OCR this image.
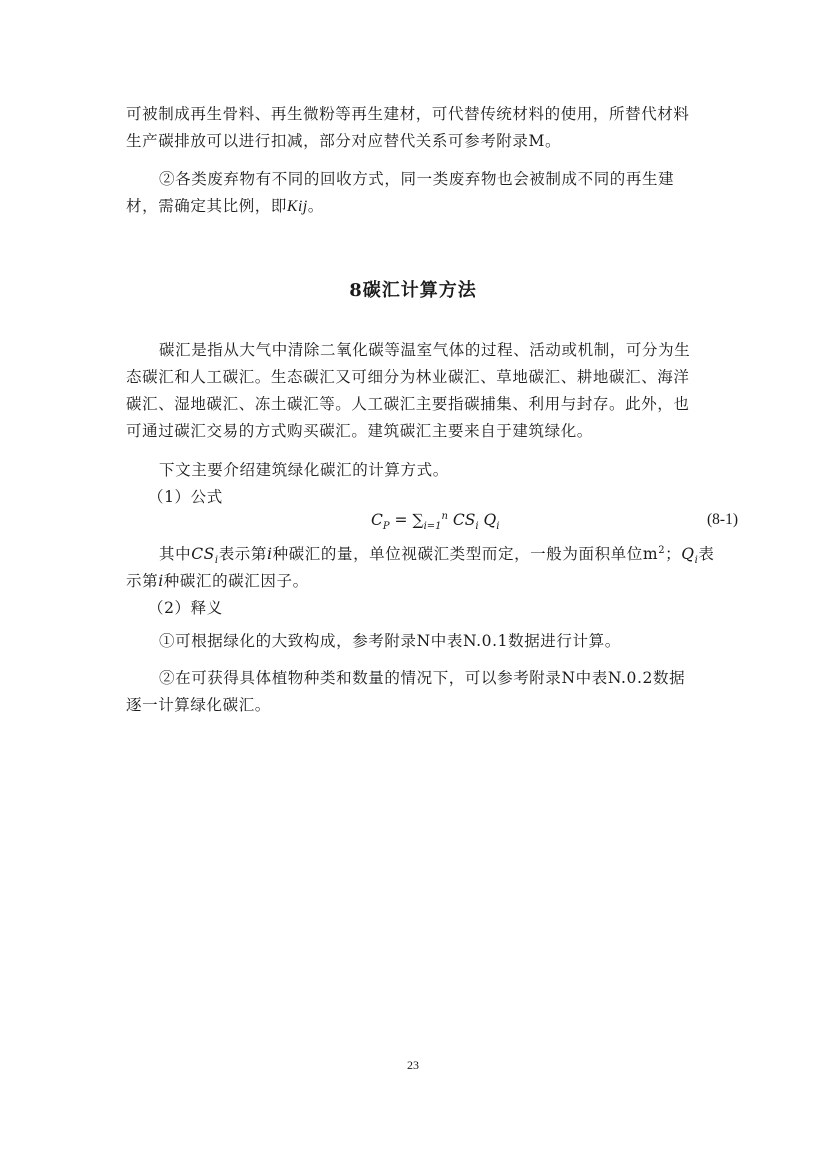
可被制成再生骨料、再生微粉等再生建材，可代替传统材料的使用，所替代材料
生产碳排放可以进行扣减，部分对应替代关系可参考附录M。

②各类废弃物有不同的回收方式，同一类废弃物也会被制成不同的再生建
材，需确定其比例，即Kij。

8碳汇计算方法

碳汇是指从大气中清除二氧化碳等温室气体的过程、活动或机制，可分为生
态碳汇和人工碳汇。生态碳汇又可细分为林业碳汇、草地碳汇、耕地碳汇、海洋
碳汇、湿地碳汇、冻土碳汇等。人工碳汇主要指碳捕集、利用与封存。此外，也
可通过碳汇交易的方式购买碳汇。建筑碳汇主要来自于建筑绿化。

下文主要介绍建筑绿化碳汇的计算方式。

（1）公式

$C_P = \sum_{i=1}^n$ $CS_i$ $Q_i$	(8-1)

其中$CS_i$表示第i种碳汇的量，单位视碳汇类型而定，一般为面积单位$m^2$；$Q_i$表
示第i种碳汇的碳汇因子。

（2）释义

①可根据绿化的大致构成，参考附录N中表N.0.1数据进行计算。

②在可获得具体植物种类和数量的情况下，可以参考附录N中表N.0.2数据
逐一计算绿化碳汇。

23
